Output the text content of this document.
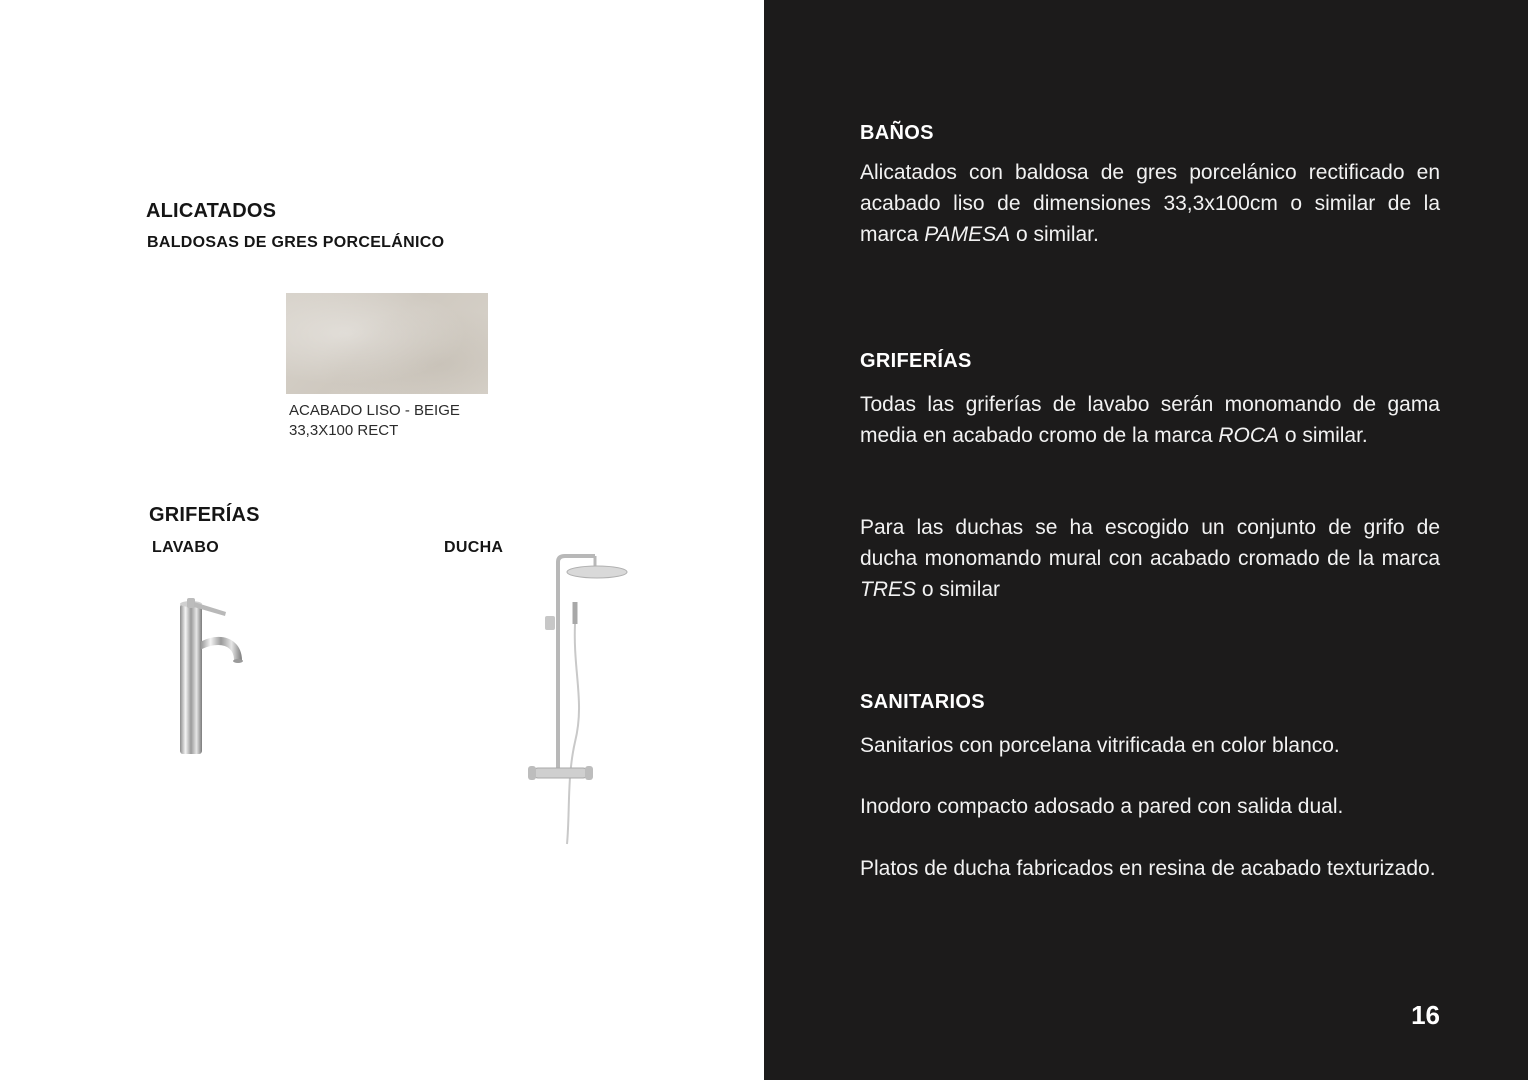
ALICATADOS
BALDOSAS DE GRES PORCELÁNICO
ACABADO LISO - BEIGE
33,3X100 RECT
GRIFERÍAS
LAVABO	DUCHA
BAÑOS

Alicatados con baldosa de gres porcelánico rectificado en acabado liso de dimensiones 33,3x100cm o similar de la marca PAMESA o similar.

GRIFERÍAS

Todas las griferías de lavabo serán monomando de gama media en acabado cromo de la marca ROCA o similar.

Para las duchas se ha escogido un conjunto de grifo de ducha monomando mural con acabado cromado de la marca TRES o similar

SANITARIOS

Sanitarios con porcelana vitrificada en color blanco.

Inodoro compacto adosado a pared con salida dual.

Platos de ducha fabricados en resina de acabado texturizado.

16
